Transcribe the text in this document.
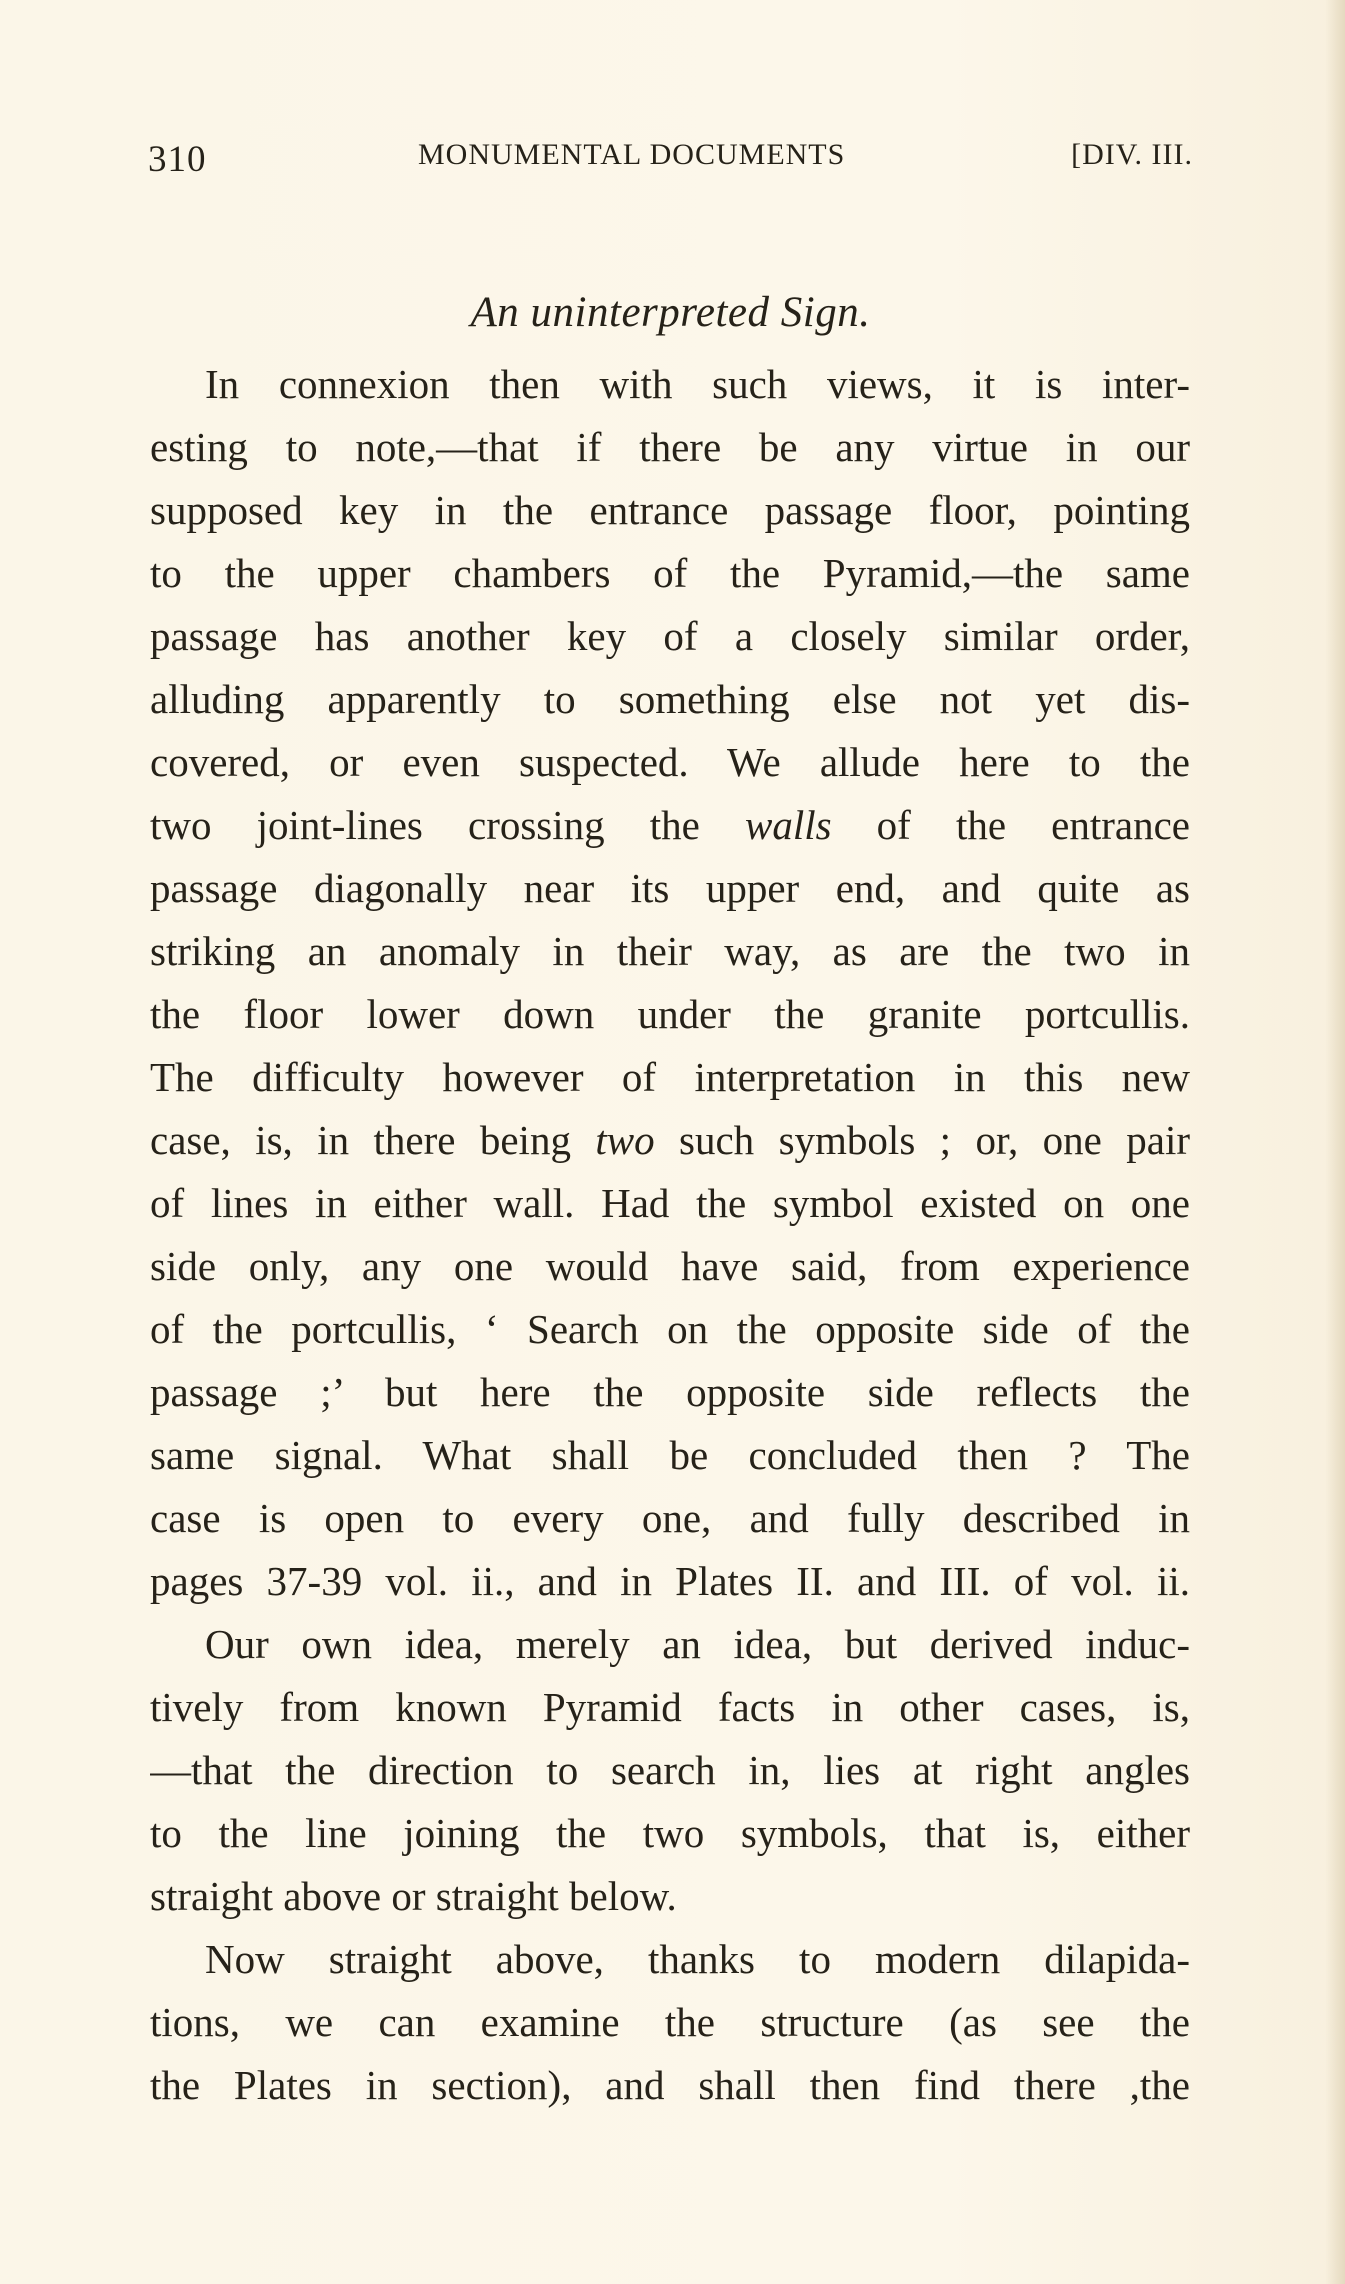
310	MONUMENTAL DOCUMENTS	[DIV. III.
An uninterpreted Sign.
In connexion then with such views, it is inter-
esting to note,—that if there be any virtue in our
supposed key in the entrance passage floor, pointing
to the upper chambers of the Pyramid,—the same
passage has another key of a closely similar order,
alluding apparently to something else not yet dis-
covered, or even suspected. We allude here to the
two joint-lines crossing the walls of the entrance
passage diagonally near its upper end, and quite as
striking an anomaly in their way, as are the two in
the floor lower down under the granite portcullis.
The difficulty however of interpretation in this new
case, is, in there being two such symbols ; or, one pair
of lines in either wall. Had the symbol existed on one
side only, any one would have said, from experience
of the portcullis, ‘ Search on the opposite side of the
passage ;’ but here the opposite side reflects the
same signal. What shall be concluded then ? The
case is open to every one, and fully described in
pages 37-39 vol. ii., and in Plates II. and III. of vol. ii.
Our own idea, merely an idea, but derived induc-
tively from known Pyramid facts in other cases, is,
—that the direction to search in, lies at right angles
to the line joining the two symbols, that is, either
straight above or straight below.
Now straight above, thanks to modern dilapida-
tions, we can examine the structure (as see the
the Plates in section), and shall then find there ,the
